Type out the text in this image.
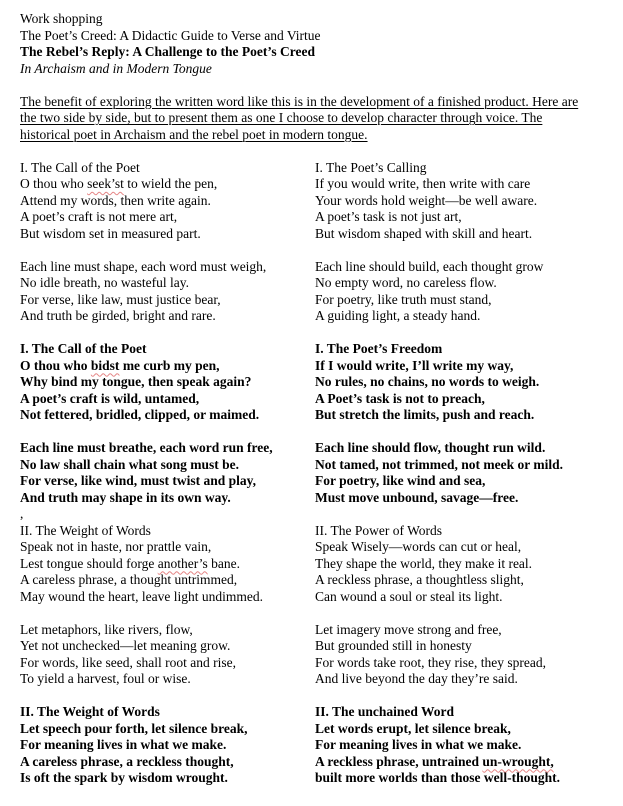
Work shopping
The Poet’s Creed: A Didactic Guide to Verse and Virtue
The Rebel’s Reply: A Challenge to the Poet’s Creed
In Archaism and in Modern Tongue
The benefit of exploring the written word like this is in the development of a finished product. Here are
the two side by side, but to present them as one I choose to develop character through voice. The
historical poet in Archaism and the rebel poet in modern tongue.
I. The Call of the Poet
O thou who seek’st to wield the pen,
Attend my words, then write again.
A poet’s craft is not mere art,
But wisdom set in measured part.

Each line must shape, each word must weigh,
No idle breath, no wasteful lay.
For verse, like law, must justice bear,
And truth be girded, bright and rare.

I. The Call of the Poet
O thou who bidst me curb my pen,
Why bind my tongue, then speak again?
A poet’s craft is wild, untamed,
Not fettered, bridled, clipped, or maimed.

Each line must breathe, each word run free,
No law shall chain what song must be.
For verse, like wind, must twist and play,
And truth may shape in its own way.
,
II. The Weight of Words
Speak not in haste, nor prattle vain,
Lest tongue should forge another’s bane.
A careless phrase, a thought untrimmed,
May wound the heart, leave light undimmed.

Let metaphors, like rivers, flow,
Yet not unchecked—let meaning grow.
For words, like seed, shall root and rise,
To yield a harvest, foul or wise.

II. The Weight of Words
Let speech pour forth, let silence break,
For meaning lives in what we make.
A careless phrase, a reckless thought,
Is oft the spark by wisdom wrought.
I. The Poet’s Calling
If you would write, then write with care
Your words hold weight—be well aware.
A poet’s task is not just art,
But wisdom shaped with skill and heart.

Each line should build, each thought grow
No empty word, no careless flow.
For poetry, like truth must stand,
A guiding light, a steady hand.

I. The Poet’s Freedom
If I would write, I’ll write my way,
No rules, no chains, no words to weigh.
A Poet’s task is not to preach,
But stretch the limits, push and reach.

Each line should flow, thought run wild.
Not tamed, not trimmed, not meek or mild.
For poetry, like wind and sea,
Must move unbound, savage—free.

II. The Power of Words
Speak Wisely—words can cut or heal,
They shape the world, they make it real.
A reckless phrase, a thoughtless slight,
Can wound a soul or steal its light.

Let imagery move strong and free,
But grounded still in honesty
For words take root, they rise, they spread,
And live beyond the day they’re said.

II. The unchained Word
Let words erupt, let silence break,
For meaning lives in what we make.
A reckless phrase, untrained un-wrought,
built more worlds than those well-thought.
